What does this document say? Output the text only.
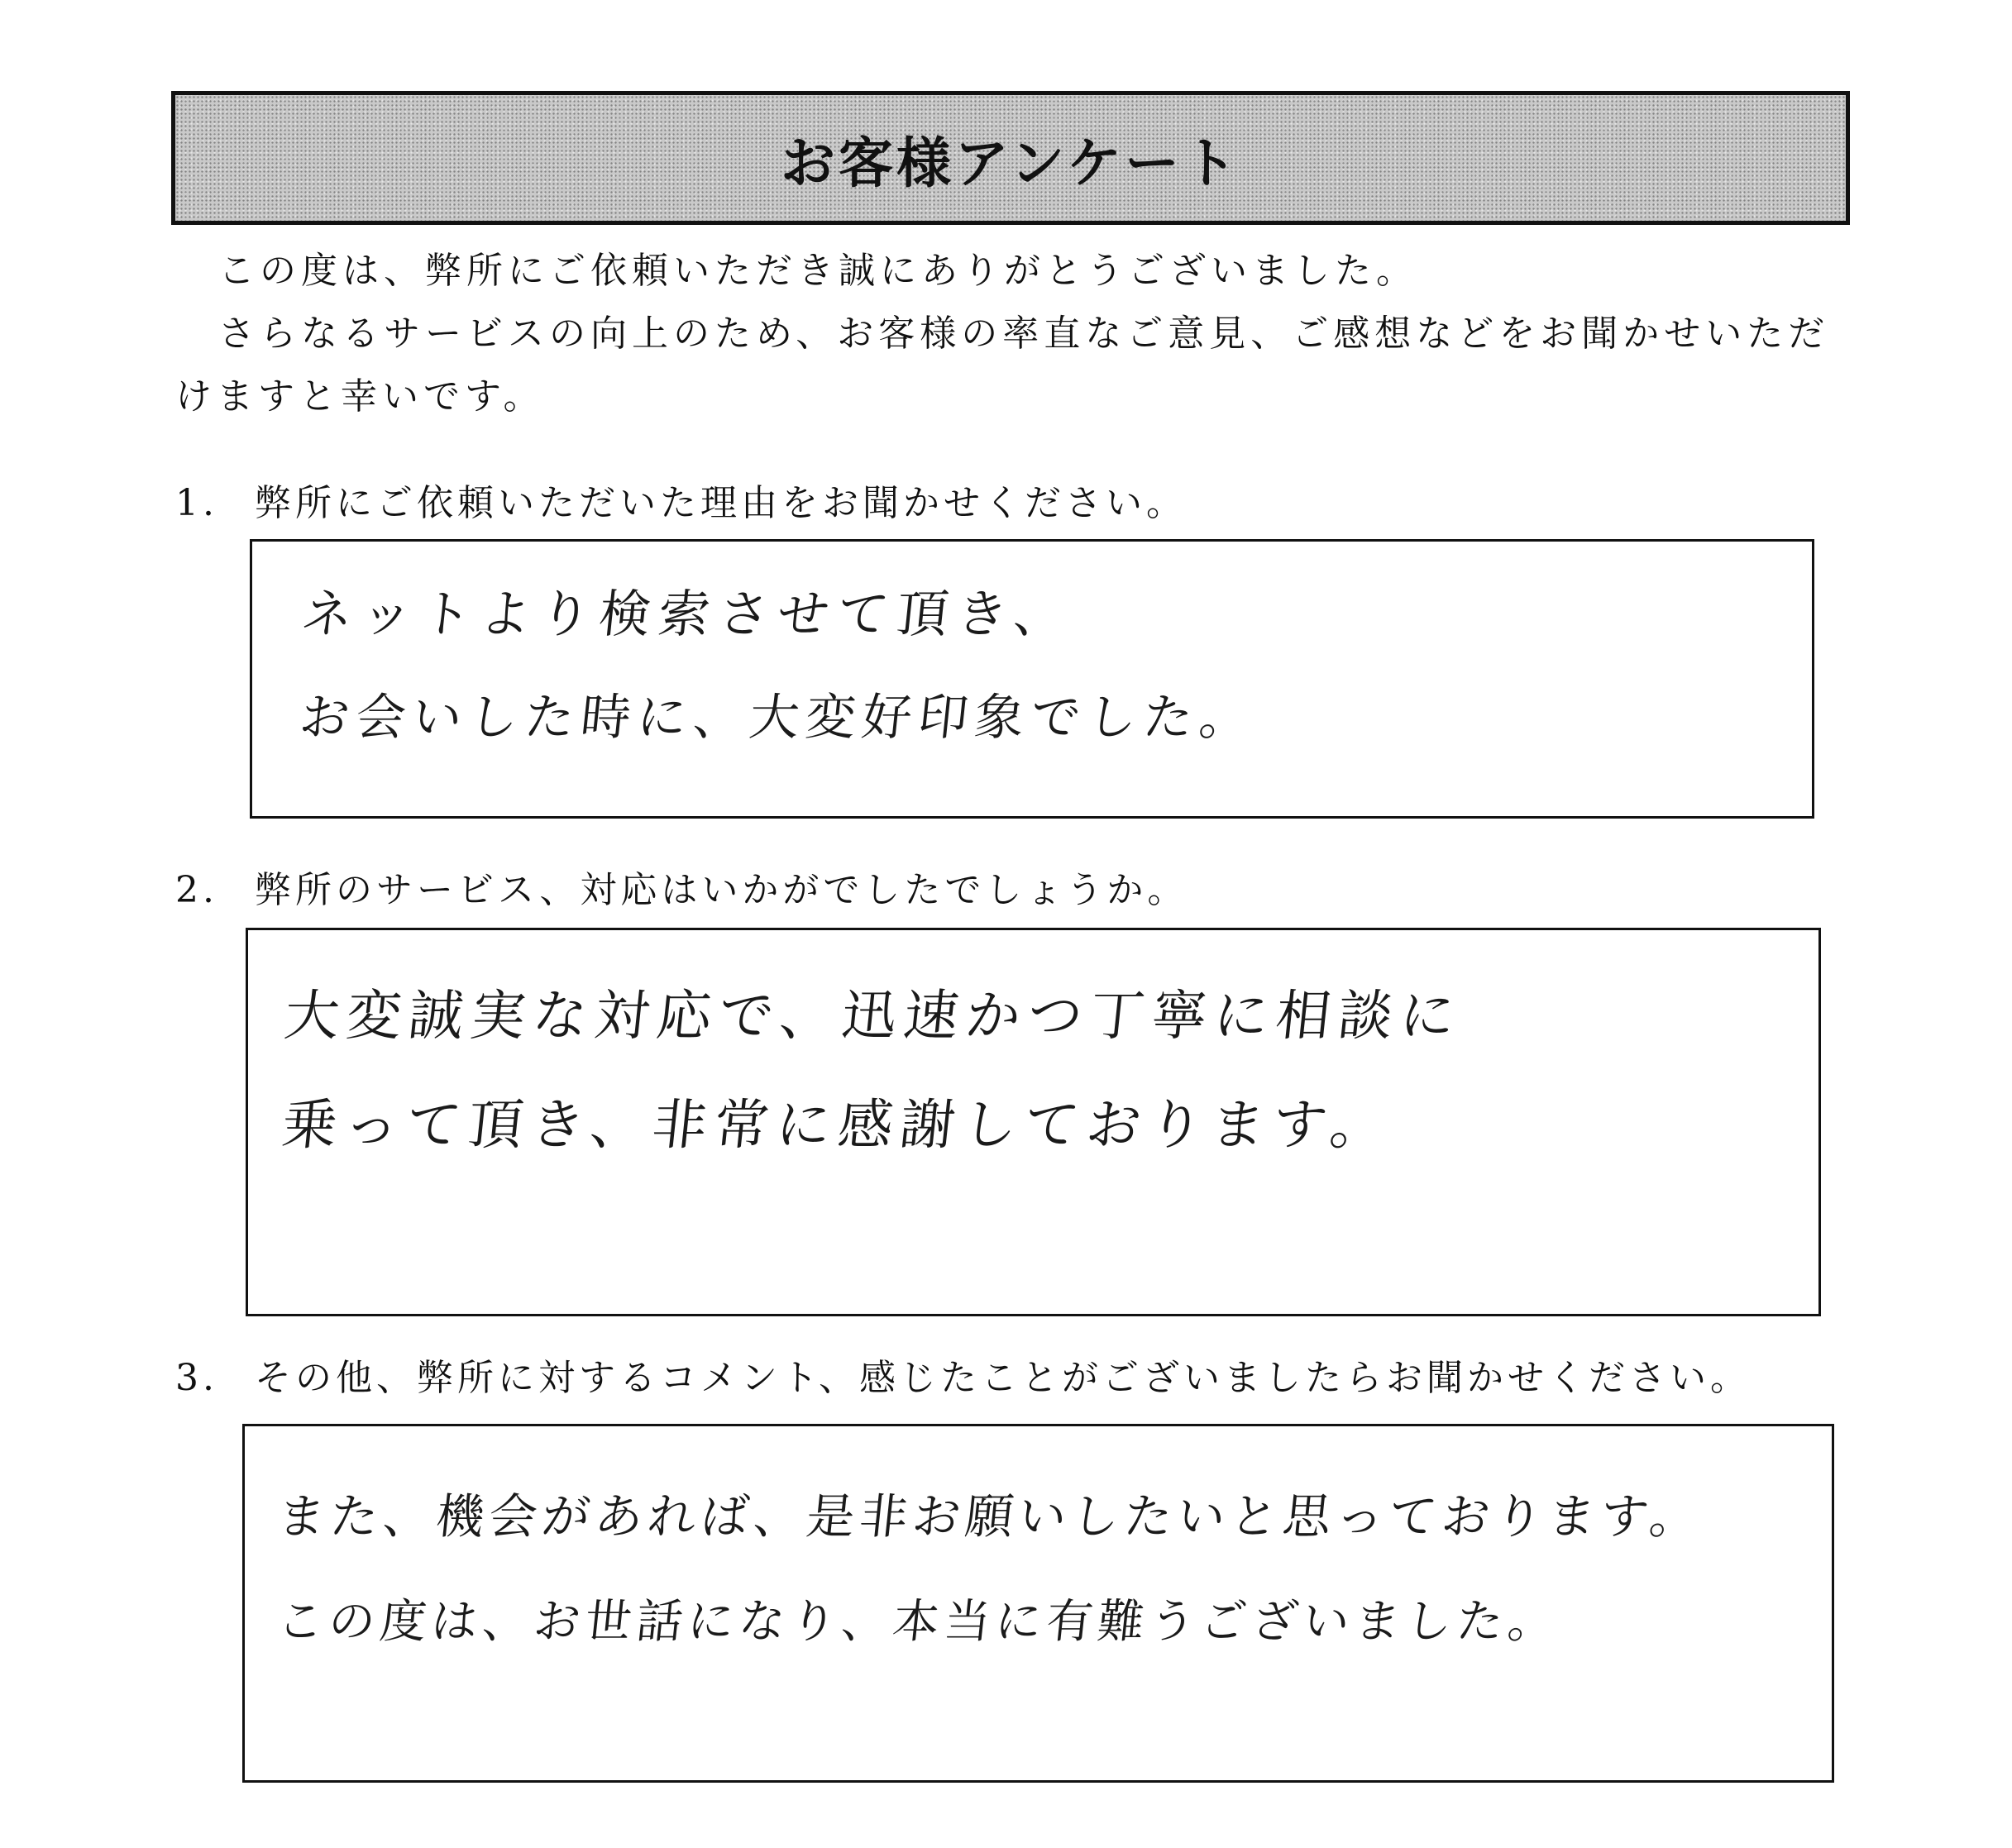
お客様アンケート

この度は、弊所にご依頼いただき誠にありがとうございました。

さらなるサービスの向上のため、お客様の率直なご意見、ご感想などをお聞かせいただけますと幸いです。

1. 弊所にご依頼いただいた理由をお聞かせください。
ネットより検索させて頂き、
お会いした時に、大変好印象でした。
2. 弊所のサービス、対応はいかがでしたでしょうか。
大変誠実な対応で、迅速かつ丁寧に相談に
乗って頂き、非常に感謝しております。
3. その他、弊所に対するコメント、感じたことがございましたらお聞かせください。
また、機会があれば、是非お願いしたいと思っております。
この度は、お世話になり、本当に有難うございました。
